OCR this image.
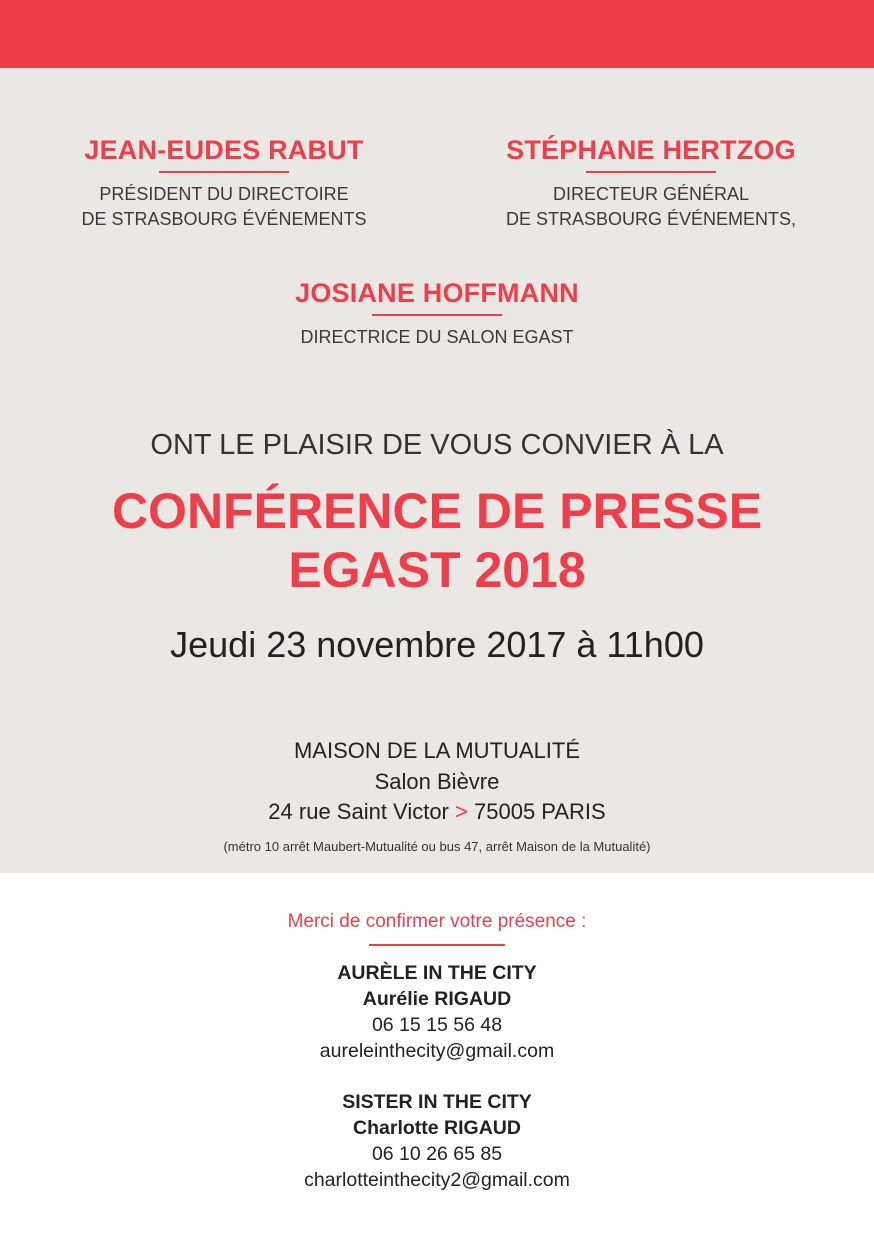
JEAN-EUDES RABUT
PRÉSIDENT DU DIRECTOIRE
DE STRASBOURG ÉVÉNEMENTS
STÉPHANE HERTZOG
DIRECTEUR GÉNÉRAL
DE STRASBOURG ÉVÉNEMENTS,
JOSIANE HOFFMANN
DIRECTRICE DU SALON EGAST
ONT LE PLAISIR DE VOUS CONVIER À LA
CONFÉRENCE DE PRESSE
EGAST 2018
Jeudi 23 novembre 2017 à 11h00
MAISON DE LA MUTUALITÉ
Salon Bièvre
24 rue Saint Victor > 75005 PARIS
(métro 10 arrêt Maubert-Mutualité ou bus 47, arrêt Maison de la Mutualité)
Merci de confirmer votre présence :
AURÈLE IN THE CITY
Aurélie RIGAUD
06 15 15 56 48
aureleinthecity@gmail.com
SISTER IN THE CITY
Charlotte RIGAUD
06 10 26 65 85
charlotteinthecity2@gmail.com
